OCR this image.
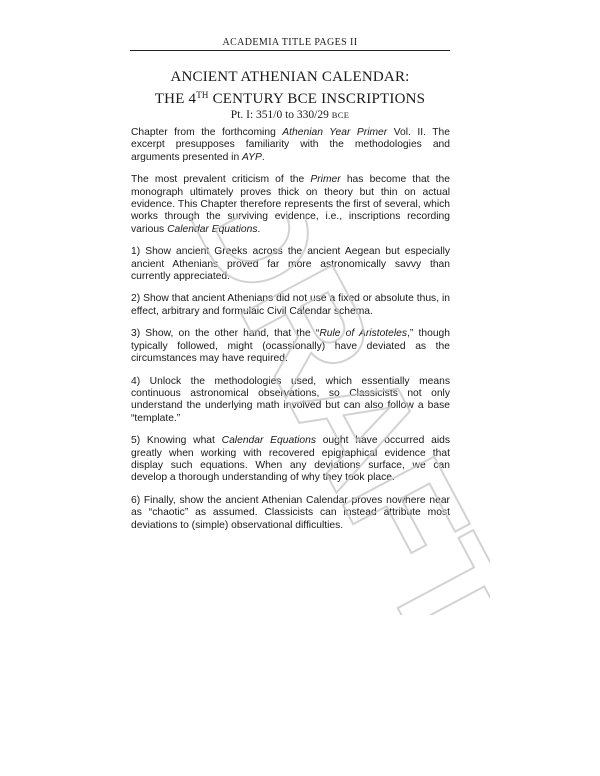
ACADEMIA TITLE PAGES II
ANCIENT ATHENIAN CALENDAR:
THE 4TH CENTURY BCE INSCRIPTIONS
Pt. I: 351/0 to 330/29 BCE

Chapter from the forthcoming Athenian Year Primer Vol. II. The excerpt presupposes familiarity with the methodologies and arguments presented in AYP.

The most prevalent criticism of the Primer has become that the monograph ultimately proves thick on theory but thin on actual evidence. This Chapter therefore represents the first of several, which works through the surviving evidence, i.e., inscriptions recording various Calendar Equations.

1) Show ancient Greeks across the ancient Aegean but especially ancient Athenians proved far more astronomically savvy than currently appreciated.

2) Show that ancient Athenians did not use a fixed or absolute thus, in effect, arbitrary and formulaic Civil Calendar schema.

3) Show, on the other hand, that the “Rule of Aristoteles,” though typically followed, might (ocassionally) have deviated as the circumstances may have required.

4) Unlock the methodologies used, which essentially means continuous astronomical observations, so Classicists not only understand the underlying math involved but can also follow a base “template.”

5) Knowing what Calendar Equations ought have occurred aids greatly when working with recovered epigraphical evidence that display such equations. When any deviations surface, we can develop a thorough understanding of why they took place.

6) Finally, show the ancient Athenian Calendar proves nowhere near as “chaotic” as assumed. Classicists can instead attribute most deviations to (simple) observational difficulties.

DRAFT
